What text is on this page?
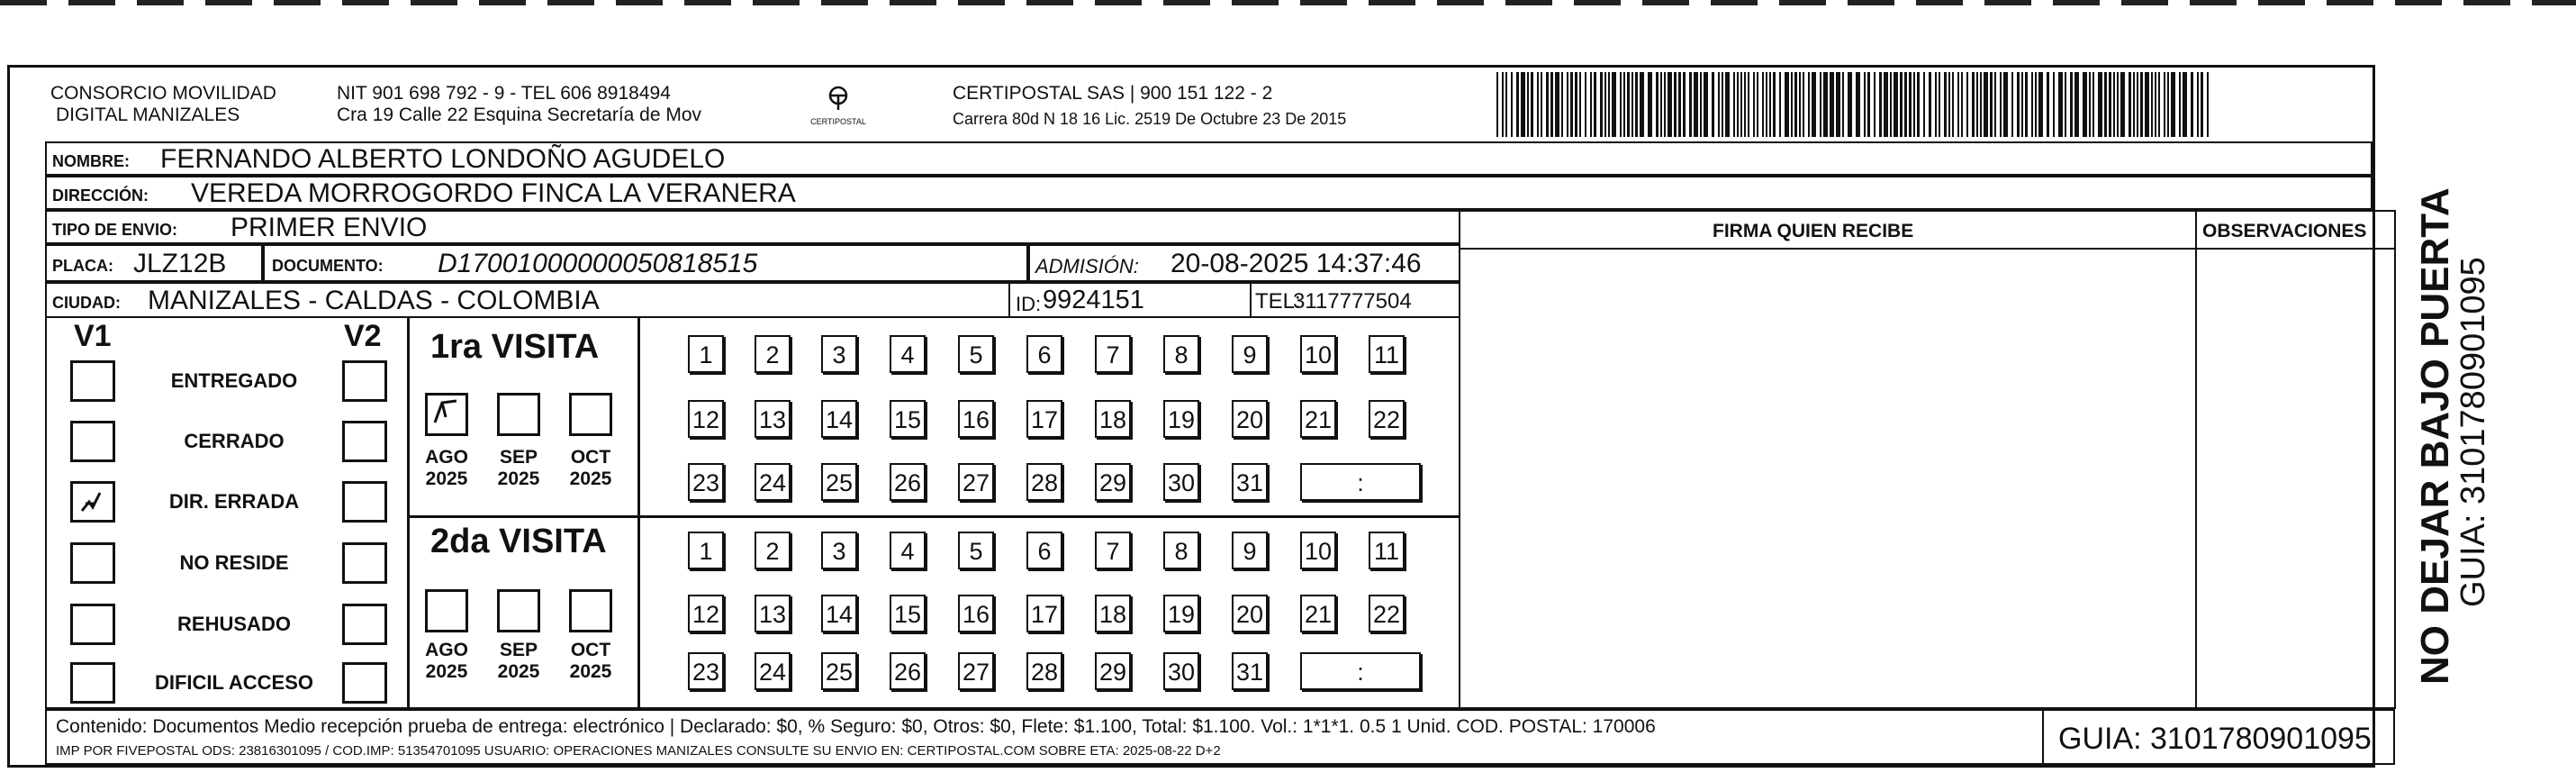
CONSORCIO MOVILIDAD
DIGITAL MANIZALES
NIT 901 698 792 - 9 - TEL 606 8918494
Cra 19 Calle 22 Esquina Secretaría de Mov	CERTIPOSTAL
CERTIPOSTAL SAS | 900 151 122 - 2
Carrera 80d N 18 16 Lic. 2519 De Octubre 23 De 2015
NOMBRE: FERNANDO ALBERTO LONDOÑO AGUDELO
DIRECCIÓN: VEREDA MORROGORDO FINCA LA VERANERA
TIPO DE ENVIO: PRIMER ENVIO	FIRMA QUIEN RECIBE	OBSERVACIONES
PLACA: JLZ12B	DOCUMENTO: D17001000000050818515	ADMISIÓN: 20-08-2025 14:37:46
CIUDAD: MANIZALES - CALDAS - COLOMBIA	ID: 9924151	TEL:
3117777504
V1	V2
ENTREGADO
CERRADO
DIR. ERRADA
NO RESIDE
REHUSADO
DIFICIL ACCESO
1ra VISITA
2da VISITA
AGO
2025
SEP
2025
OCT
2025
AGO
2025
SEP
2025
OCT
2025
1	2	3	4	5	6	7	8	9	10 11
12 13 14 15 16 17 18 19 20 21 22
23 24 25 26 27 28 29 30 31	:
1	2	3	4	5	6	7	8	9	10 11
12 13 14 15 16 17 18 19 20 21 22
23 24 25 26 27 28 29 30 31	:
Contenido: Documentos Medio recepción prueba de entrega: electrónico | Declarado: $0, % Seguro: $0, Otros: $0, Flete: $1.100, Total: $1.100. Vol.: 1*1*1. 0.5 1 Unid. COD. POSTAL: 170006
IMP POR FIVEPOSTAL ODS: 23816301095 / COD.IMP: 51354701095 USUARIO: OPERACIONES MANIZALES CONSULTE SU ENVIO EN: CERTIPOSTAL.COM SOBRE ETA: 2025-08-22 D+2	GUIA: 3101780901095
NO DEJAR BAJO PUERTA
GUIA: 3101780901095
